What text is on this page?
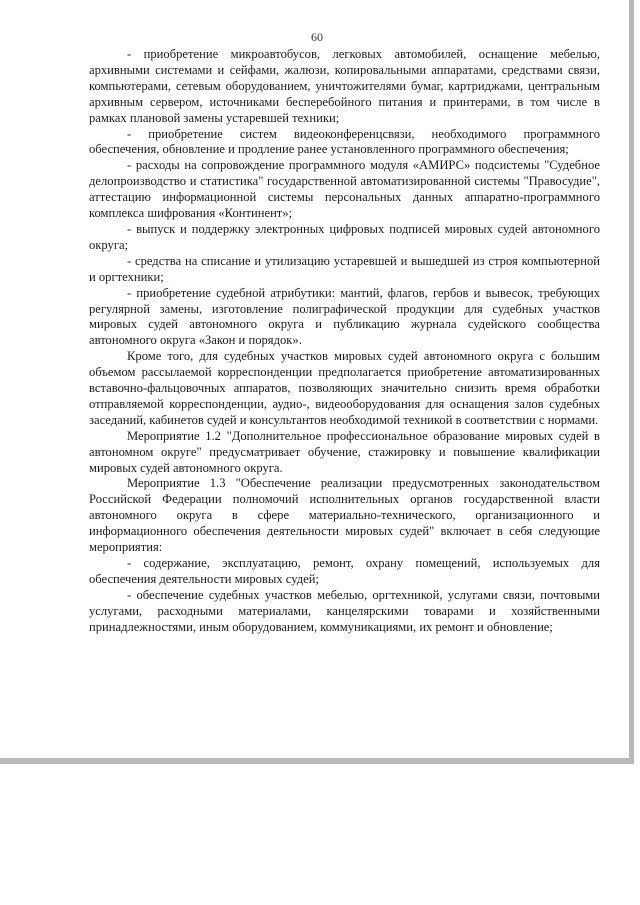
60

- приобретение микроавтобусов, легковых автомобилей, оснащение мебелью, архивными системами и сейфами, жалюзи, копировальными аппаратами, средствами связи, компьютерами, сетевым оборудованием, уничтожителями бумаг, картриджами, центральным архивным сервером, источниками бесперебойного питания и принтерами, в том числе в рамках плановой замены устаревшей техники;

- приобретение систем видеоконференцсвязи, необходимого программного обеспечения, обновление и продление ранее установленного программного обеспечения;

- расходы на сопровождение программного модуля «АМИРС» подсистемы "Судебное делопроизводство и статистика" государственной автоматизированной системы "Правосудие", аттестацию информационной системы персональных данных аппаратно-программного комплекса шифрования «Континент»;

- выпуск и поддержку электронных цифровых подписей мировых судей автономного округа;

- средства на списание и утилизацию устаревшей и вышедшей из строя компьютерной и оргтехники;

- приобретение судебной атрибутики: мантий, флагов, гербов и вывесок, требующих регулярной замены, изготовление полиграфической продукции для судебных участков мировых судей автономного округа и публикацию журнала судейского сообщества автономного округа «Закон и порядок».

Кроме того, для судебных участков мировых судей автономного округа с большим объемом рассылаемой корреспонденции предполагается приобретение автоматизированных вставочно-фальцовочных аппаратов, позволяющих значительно снизить время обработки отправляемой корреспонденции, аудио-, видеооборудования для оснащения залов судебных заседаний, кабинетов судей и консультантов необходимой техникой в соответствии с нормами.

Мероприятие 1.2 "Дополнительное профессиональное образование мировых судей в автономном округе" предусматривает обучение, стажировку и повышение квалификации мировых судей автономного округа.

Мероприятие 1.3 "Обеспечение реализации предусмотренных законодательством Российской Федерации полномочий исполнительных органов государственной власти автономного округа в сфере материально-технического, организационного и информационного обеспечения деятельности мировых судей" включает в себя следующие мероприятия:

- содержание, эксплуатацию, ремонт, охрану помещений, используемых для обеспечения деятельности мировых судей;

- обеспечение судебных участков мебелью, оргтехникой, услугами связи, почтовыми услугами, расходными материалами, канцелярскими товарами и хозяйственными принадлежностями, иным оборудованием, коммуникациями, их ремонт и обновление;
